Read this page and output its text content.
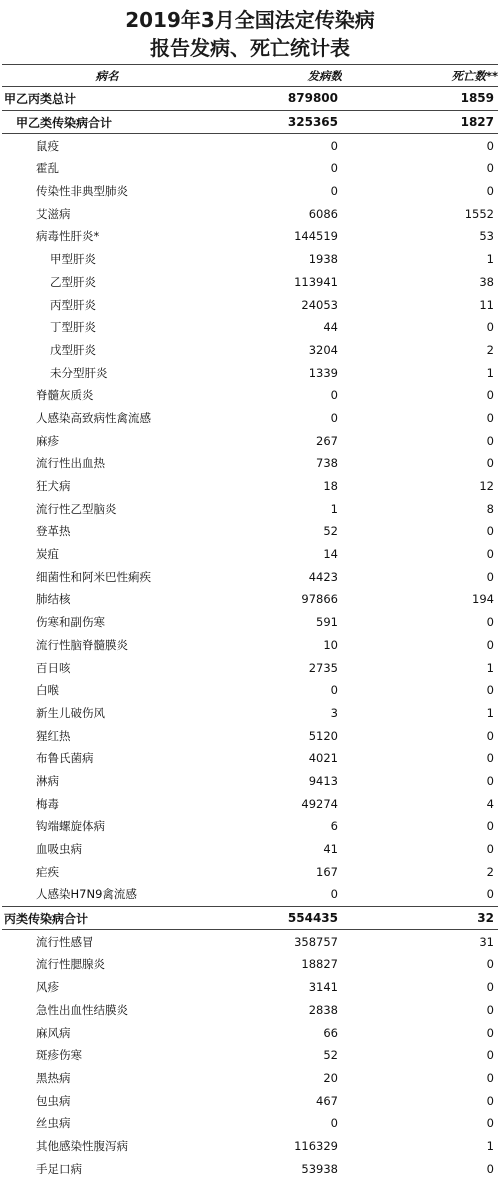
2019年3月全国法定传染病
报告发病、死亡统计表
病名	发病数	死亡数**
甲乙丙类总计	879800	1859
甲乙类传染病合计	325365	1827
鼠疫	0	0
霍乱	0	0
传染性非典型肺炎	0	0
艾滋病	6086	1552
病毒性肝炎*	144519	53
甲型肝炎	1938	1
乙型肝炎	113941	38
丙型肝炎	24053	11
丁型肝炎	44	0
戊型肝炎	3204	2
未分型肝炎	1339	1
脊髓灰质炎	0	0
人感染高致病性禽流感	0	0
麻疹	267	0
流行性出血热	738	0
狂犬病	18	12
流行性乙型脑炎	1	8
登革热	52	0
炭疽	14	0
细菌性和阿米巴性痢疾	4423	0
肺结核	97866	194
伤寒和副伤寒	591	0
流行性脑脊髓膜炎	10	0
百日咳	2735	1
白喉	0	0
新生儿破伤风	3	1
猩红热	5120	0
布鲁氏菌病	4021	0
淋病	9413	0
梅毒	49274	4
钩端螺旋体病	6	0
血吸虫病	41	0
疟疾	167	2
人感染H7N9禽流感	0	0
丙类传染病合计	554435	32
流行性感冒	358757	31
流行性腮腺炎	18827	0
风疹	3141	0
急性出血性结膜炎	2838	0
麻风病	66	0
斑疹伤寒	52	0
黑热病	20	0
包虫病	467	0
丝虫病	0	0
其他感染性腹泻病	116329	1
手足口病	53938	0
